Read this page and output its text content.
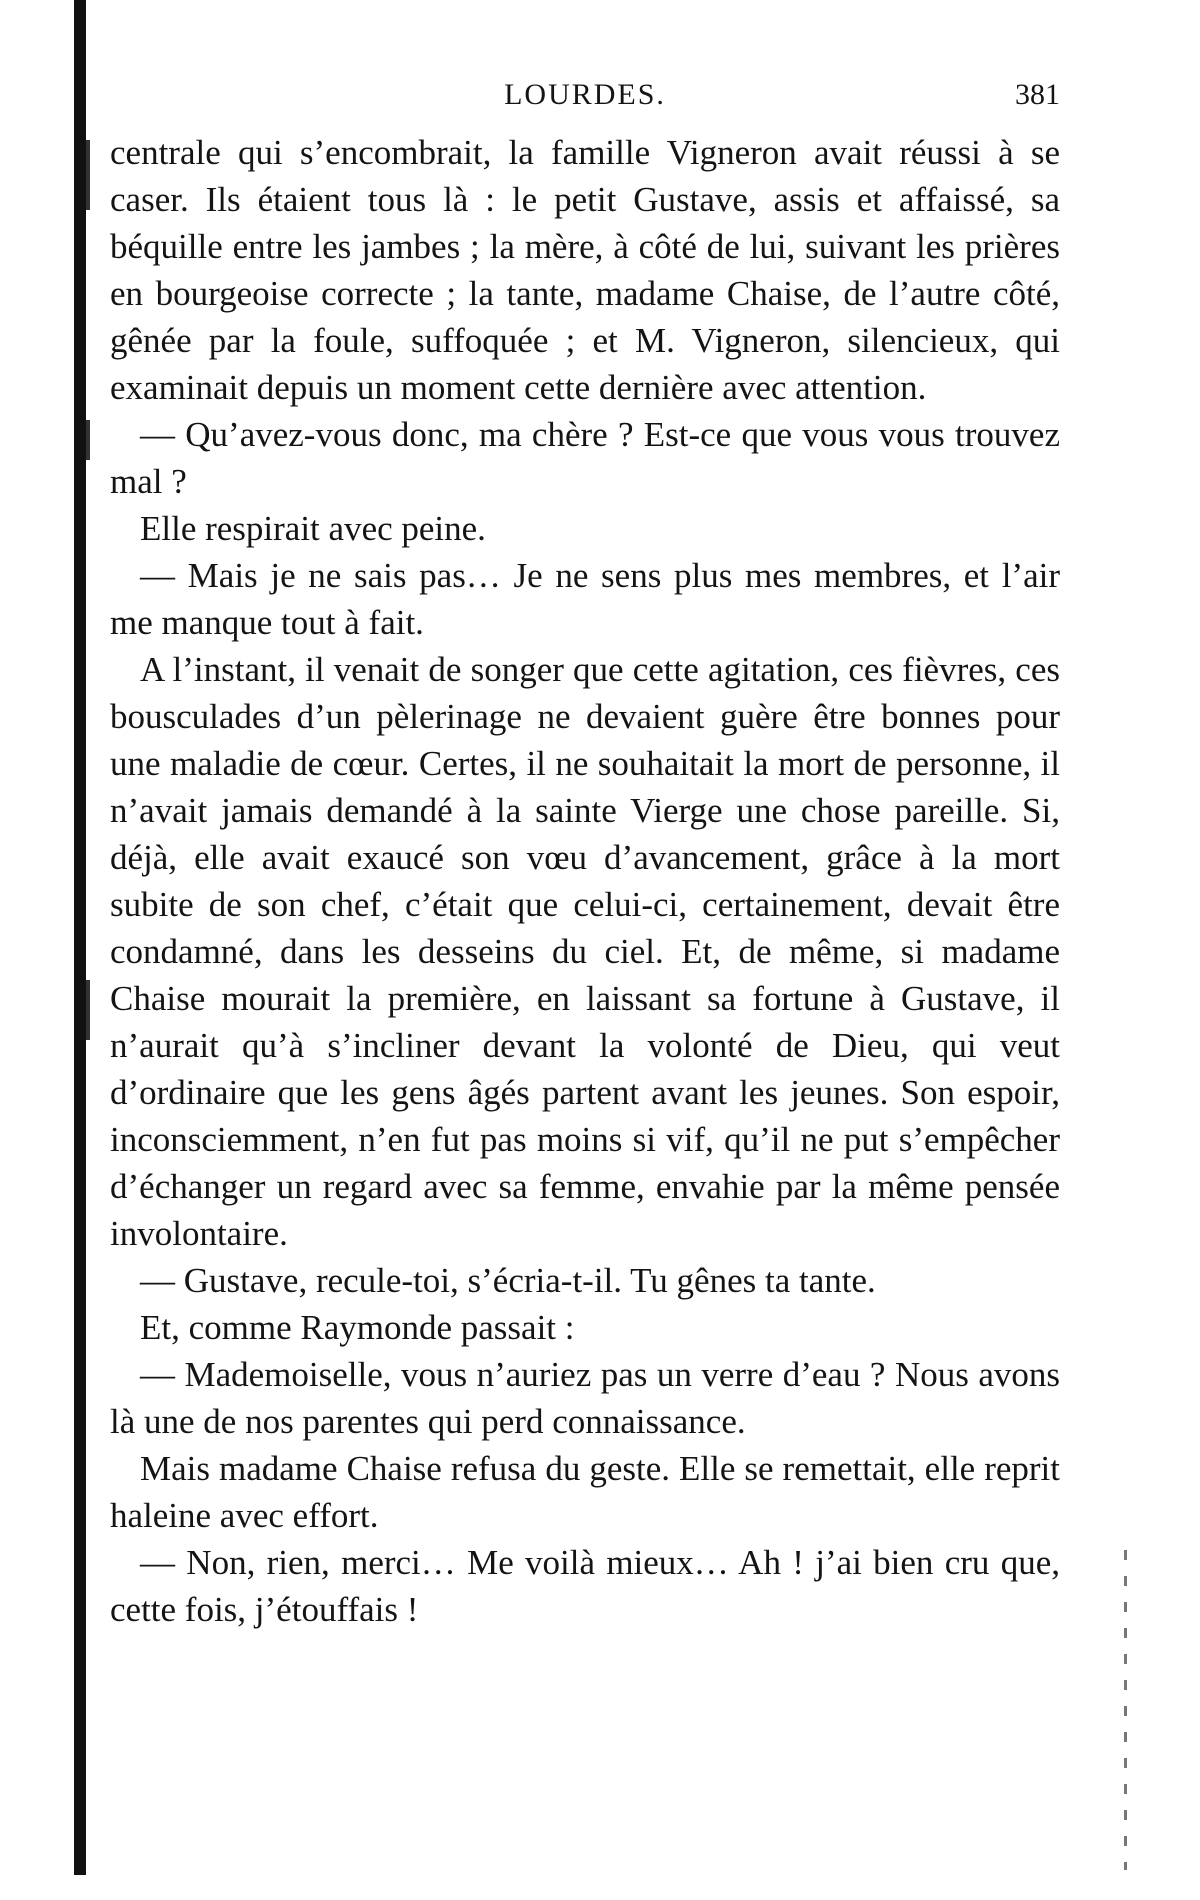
LOURDES.	381

centrale qui s’encombrait, la famille Vigneron avait réussi à se caser. Ils étaient tous là : le petit Gustave, assis et affaissé, sa béquille entre les jambes ; la mère, à côté de lui, suivant les prières en bourgeoise correcte ; la tante, madame Chaise, de l’autre côté, gênée par la foule, suffoquée ; et M. Vigneron, silencieux, qui examinait depuis un moment cette dernière avec attention.

— Qu’avez-vous donc, ma chère ? Est-ce que vous vous trouvez mal ?

Elle respirait avec peine.

— Mais je ne sais pas… Je ne sens plus mes membres, et l’air me manque tout à fait.

A l’instant, il venait de songer que cette agitation, ces fièvres, ces bousculades d’un pèlerinage ne devaient guère être bonnes pour une maladie de cœur. Certes, il ne souhaitait la mort de personne, il n’avait jamais demandé à la sainte Vierge une chose pareille. Si, déjà, elle avait exaucé son vœu d’avancement, grâce à la mort subite de son chef, c’était que celui-ci, certainement, devait être condamné, dans les desseins du ciel. Et, de même, si madame Chaise mourait la première, en laissant sa fortune à Gustave, il n’aurait qu’à s’incliner devant la volonté de Dieu, qui veut d’ordinaire que les gens âgés partent avant les jeunes. Son espoir, inconsciemment, n’en fut pas moins si vif, qu’il ne put s’empêcher d’échanger un regard avec sa femme, envahie par la même pensée involontaire.

— Gustave, recule-toi, s’écria-t-il. Tu gênes ta tante.

Et, comme Raymonde passait :

— Mademoiselle, vous n’auriez pas un verre d’eau ? Nous avons là une de nos parentes qui perd connaissance.

Mais madame Chaise refusa du geste. Elle se remettait, elle reprit haleine avec effort.

— Non, rien, merci… Me voilà mieux… Ah ! j’ai bien cru que, cette fois, j’étouffais !
